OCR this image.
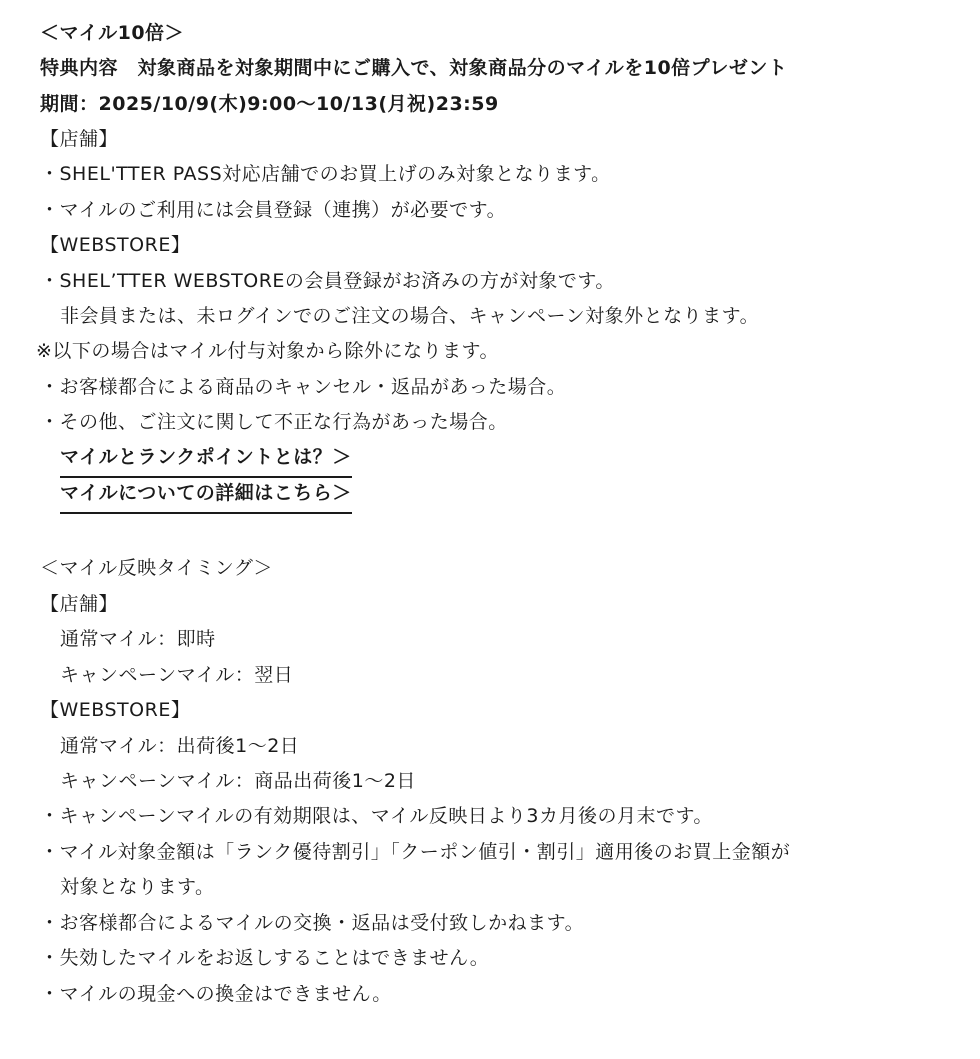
＜マイル10倍＞
特典内容　対象商品を対象期間中にご購入で、対象商品分のマイルを10倍プレゼント
期間：2025/10/9(木)9:00～10/13(月祝)23:59
【店舗】
・SHEL'TTER PASS対応店舗でのお買上げのみ対象となります。
・マイルのご利用には会員登録（連携）が必要です。
【WEBSTORE】
・SHEL’TTER WEBSTOREの会員登録がお済みの方が対象です。
非会員または、未ログインでのご注文の場合、キャンペーン対象外となります。
※以下の場合はマイル付与対象から除外になります。
・お客様都合による商品のキャンセル・返品があった場合。
・その他、ご注文に関して不正な行為があった場合。
マイルとランクポイントとは？＞
マイルについての詳細はこちら＞
＜マイル反映タイミング＞
【店舗】
通常マイル：即時
キャンペーンマイル：翌日
【WEBSTORE】
通常マイル：出荷後1～2日
キャンペーンマイル：商品出荷後1～2日
・キャンペーンマイルの有効期限は、マイル反映日より3カ月後の月末です。
・マイル対象金額は「ランク優待割引」「クーポン値引・割引」適用後のお買上金額が
対象となります。
・お客様都合によるマイルの交換・返品は受付致しかねます。
・失効したマイルをお返しすることはできません。
・マイルの現金への換金はできません。
